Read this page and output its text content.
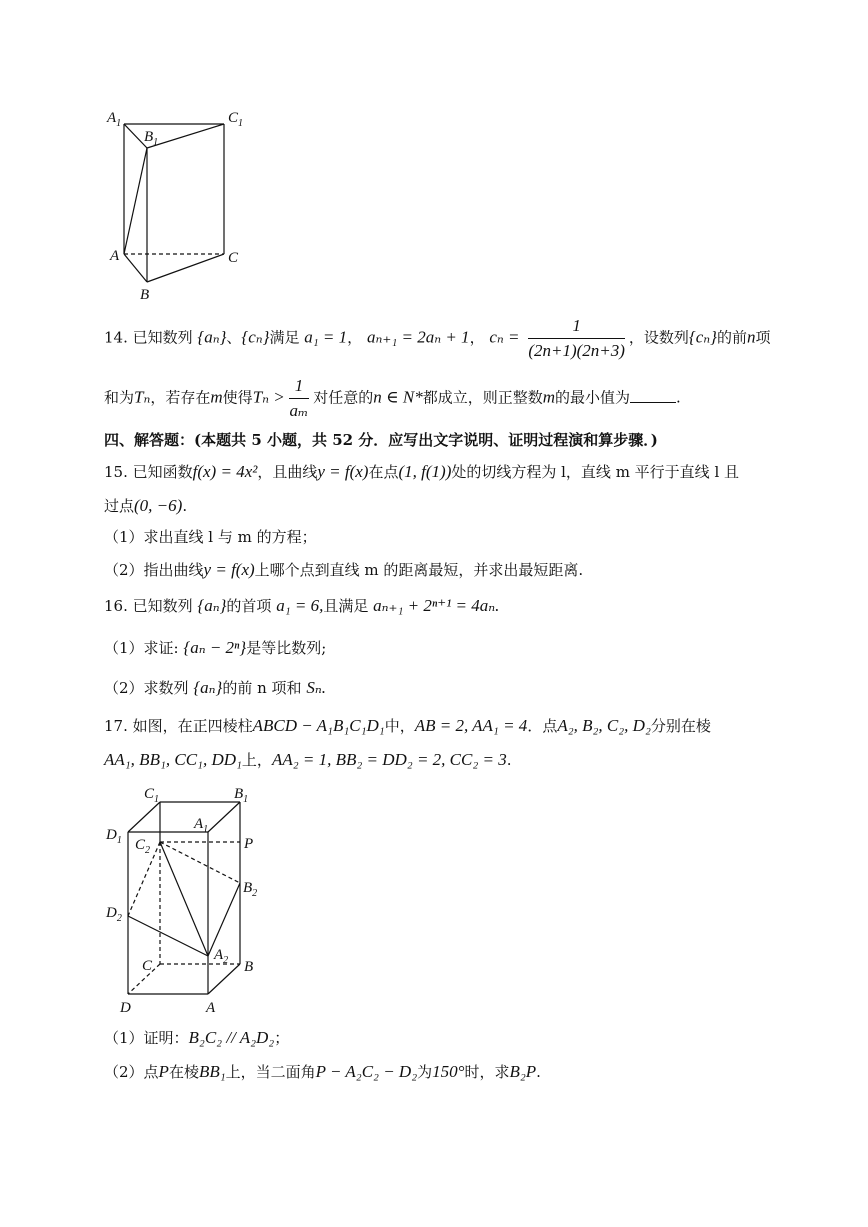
$A_1$
$B_1$
$C_1$
A	C
B
14. 已知数列 {aₙ}、{cₙ}满足 a₁ = 1， aₙ₊₁ = 2aₙ + 1， $c_n = \frac{1}{(2n+1)(2n+3)}$ ，设数列{cₙ}的前n项
和为Tₙ，若存在m使得$T_n > \frac{1}{\text{aₘ}}$ 对任意的n ∈ N*都成立，则正整数m的最小值为	.
四、解答题：(本题共 5 小题，共 52 分．应写出文字说明、证明过程演和算步骤．)
15. 已知函数f(x) = 4x²，且曲线y = f(x)在点(1, f(1))处的切线方程为 l，直线 m 平行于直线 l 且
过点(0, −6).
（1）求出直线 l 与 m 的方程；
（2）指出曲线y = f(x)上哪个点到直线 m 的距离最短，并求出最短距离.
16. 已知数列 {aₙ}的首项 a₁ = 6,且满足 aₙ₊₁ + 2ⁿ⁺¹ = 4aₙ.
（1）求证: {aₙ − 2ⁿ}是等比数列;
（2）求数列 {aₙ}的前 n 项和 Sₙ.
17. 如图，在正四棱柱ABCD − A₁B₁C₁D₁中，AB = 2, AA₁ = 4．点A₂, B₂, C₂, D₂分别在棱
AA₁, BB₁, CC₁, DD₁上，AA₂ = 1, BB₂ = DD₂ = 2, CC₂ = 3.
$C_1$	$B_1$
$D_1$
$A_1$
$C_2$	P
$B_2$
$D_2$
$A_2$
C	B
D	A
（1）证明：B₂C₂ // A₂D₂；
（2）点P在棱BB₁上，当二面角P − A₂C₂ − D₂为150°时，求B₂P.
